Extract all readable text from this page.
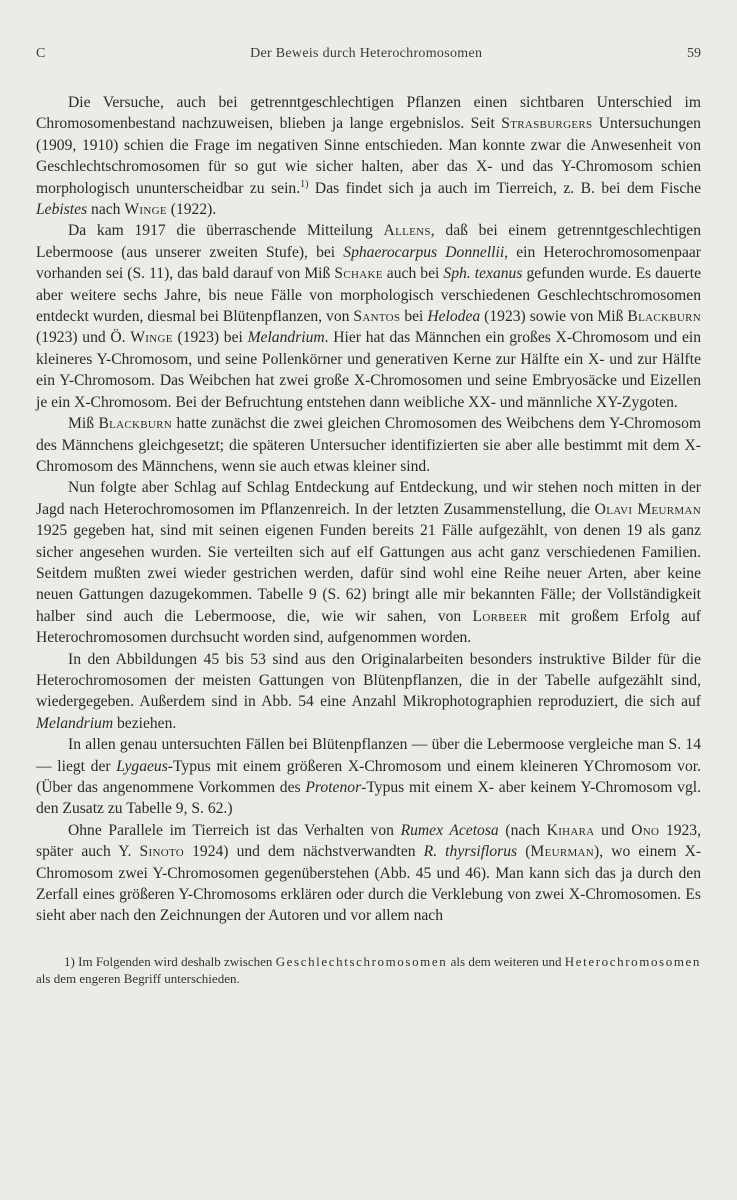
C	Der Beweis durch Heterochromosomen	59

Die Versuche, auch bei getrenntgeschlechtigen Pflanzen einen sichtbaren Unterschied im Chromosomenbestand nachzuweisen, blieben ja lange ergebnislos. Seit Strasburgers Untersuchungen (1909, 1910) schien die Frage im negativen Sinne entschieden. Man konnte zwar die Anwesenheit von Geschlechtschromosomen für so gut wie sicher halten, aber das X- und das Y-Chromosom schien morphologisch ununterscheidbar zu sein.$^{1)}$ Das findet sich ja auch im Tierreich, z. B. bei dem Fische Lebistes nach Winge (1922).

Da kam 1917 die überraschende Mitteilung Allens, daß bei einem getrenntgeschlechtigen Lebermoose (aus unserer zweiten Stufe), bei Sphaerocarpus Donnellii, ein Heterochromosomenpaar vorhanden sei (S. 11), das bald darauf von Miß Schake auch bei Sph. texanus gefunden wurde. Es dauerte aber weitere sechs Jahre, bis neue Fälle von morphologisch verschiedenen Geschlechtschromosomen entdeckt wurden, diesmal bei Blütenpflanzen, von Santos bei Helodea (1923) sowie von Miß Blackburn (1923) und Ö. Winge (1923) bei Melandrium. Hier hat das Männchen ein großes X-Chromosom und ein kleineres Y-Chromosom, und seine Pollenkörner und generativen Kerne zur Hälfte ein X- und zur Hälfte ein Y-Chromosom. Das Weibchen hat zwei große X-Chromosomen und seine Embryosäcke und Eizellen je ein X-Chromosom. Bei der Befruchtung entstehen dann weibliche XX- und männliche XY-Zygoten.

Miß Blackburn hatte zunächst die zwei gleichen Chromosomen des Weibchens dem Y-Chromosom des Männchens gleichgesetzt; die späteren Untersucher identifizierten sie aber alle bestimmt mit dem X-Chromosom des Männchens, wenn sie auch etwas kleiner sind.

Nun folgte aber Schlag auf Schlag Entdeckung auf Entdeckung, und wir stehen noch mitten in der Jagd nach Heterochromosomen im Pflanzenreich. In der letzten Zusammenstellung, die Olavi Meurman 1925 gegeben hat, sind mit seinen eigenen Funden bereits 21 Fälle aufgezählt, von denen 19 als ganz sicher angesehen wurden. Sie verteilten sich auf elf Gattungen aus acht ganz verschiedenen Familien. Seitdem mußten zwei wieder gestrichen werden, dafür sind wohl eine Reihe neuer Arten, aber keine neuen Gattungen dazugekommen. Tabelle 9 (S. 62) bringt alle mir bekannten Fälle; der Vollständigkeit halber sind auch die Lebermoose, die, wie wir sahen, von Lorbeer mit großem Erfolg auf Heterochromosomen durchsucht worden sind, aufgenommen worden.

In den Abbildungen 45 bis 53 sind aus den Originalarbeiten besonders instruktive Bilder für die Heterochromosomen der meisten Gattungen von Blütenpflanzen, die in der Tabelle aufgezählt sind, wiedergegeben. Außerdem sind in Abb. 54 eine Anzahl Mikrophotographien reproduziert, die sich auf Melandrium beziehen.

In allen genau untersuchten Fällen bei Blütenpflanzen — über die Lebermoose vergleiche man S. 14 — liegt der Lygaeus-Typus mit einem größeren X-Chromosom und einem kleineren YChromosom vor. (Über das angenommene Vorkommen des Protenor-Typus mit einem X- aber keinem Y-Chromosom vgl. den Zusatz zu Tabelle 9, S. 62.)

Ohne Parallele im Tierreich ist das Verhalten von Rumex Acetosa (nach Kihara und Ono 1923, später auch Y. Sinoto 1924) und dem nächstverwandten R. thyrsiflorus (Meurman), wo einem X-Chromosom zwei Y-Chromosomen gegenüberstehen (Abb. 45 und 46). Man kann sich das ja durch den Zerfall eines größeren Y-Chromosoms erklären oder durch die Verklebung von zwei X-Chromosomen. Es sieht aber nach den Zeichnungen der Autoren und vor allem nach

1) Im Folgenden wird deshalb zwischen Geschlechtschromosomen als dem weiteren und Heterochromosomen als dem engeren Begriff unterschieden.
